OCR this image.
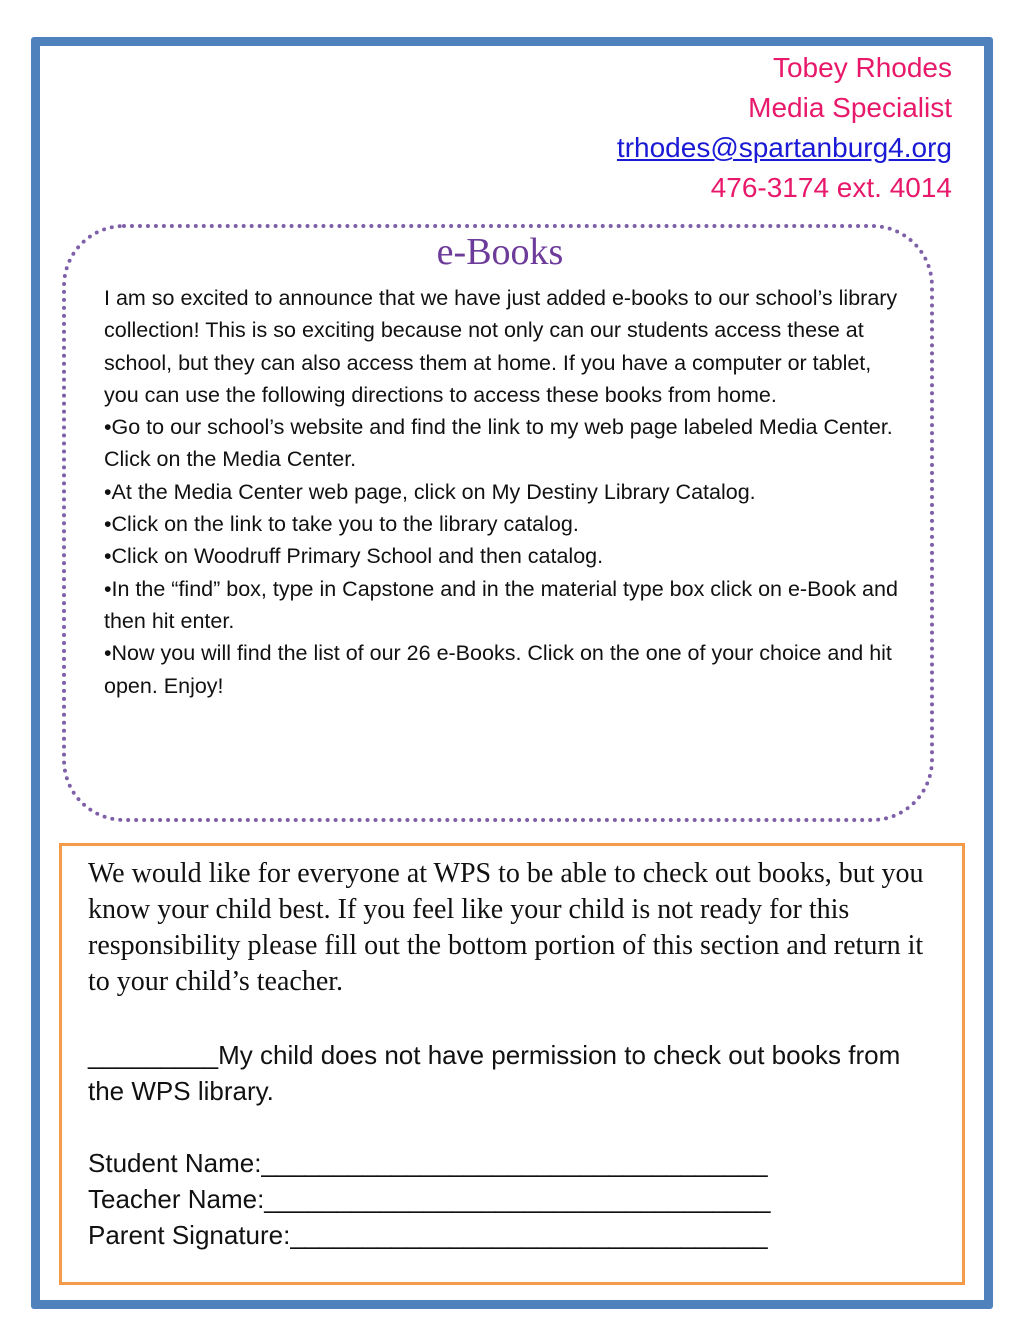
Tobey Rhodes
Media Specialist
trhodes@spartanburg4.org
476-3174 ext. 4014
e-Books

I am so excited to announce that we have just added e-books to our school’s library collection! This is so exciting because not only can our students access these at school, but they can also access them at home. If you have a computer or tablet, you can use the following directions to access these books from home.

•Go to our school’s website and find the link to my web page labeled Media Center. Click on the Media Center.

•At the Media Center web page, click on My Destiny Library Catalog.

•Click on the link to take you to the library catalog.

•Click on Woodruff Primary School and then catalog.

•In the “find” box, type in Capstone and in the material type box click on e-Book and then hit enter.

•Now you will find the list of our 26 e-Books. Click on the one of your choice and hit open. Enjoy!

We would like for everyone at WPS to be able to check out books, but you know your child best. If you feel like your child is not ready for this responsibility please fill out the bottom portion of this section and return it to your child’s teacher.

_________My child does not have permission to check out books from the WPS library.
Student Name:___________________________________
Teacher Name:___________________________________
Parent Signature:_________________________________
